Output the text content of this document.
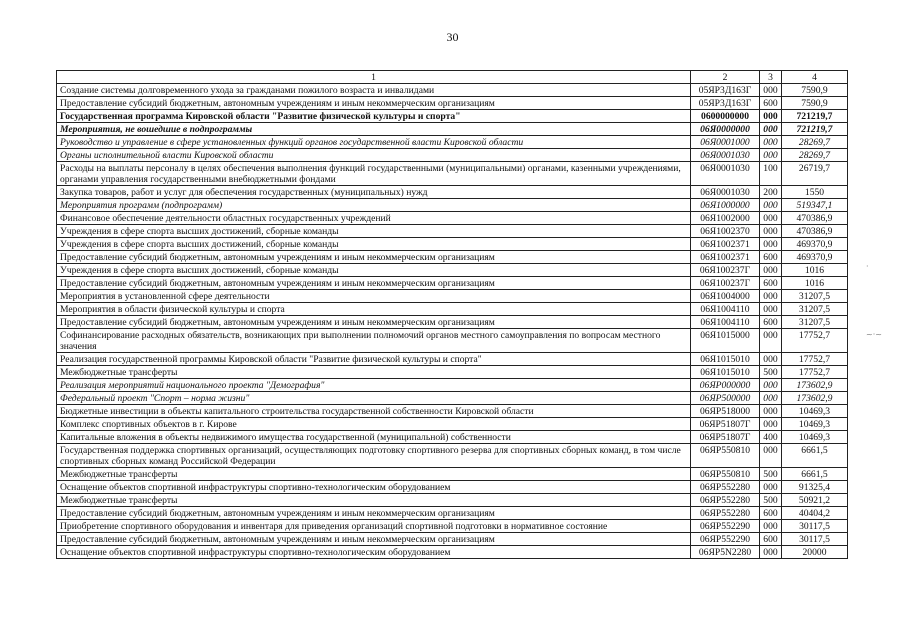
30
1	2	3	4
Создание системы долговременного ухода за гражданами пожилого возраста и инвалидами	05ЯР3Д163Г	000	7590,9
Предоставление субсидий бюджетным, автономным учреждениям и иным некоммерческим организациям	05ЯР3Д163Г	600	7590,9
Государственная программа Кировской области "Развитие физической культуры и спорта"	0600000000	000	721219,7
Мероприятия, не вошедшие в подпрограммы	06Я0000000	000	721219,7
Руководство и управление в сфере установленных функций органов государственной власти Кировской области	06Я0001000	000	28269,7
Органы исполнительной власти Кировской области	06Я0001030	000	28269,7
Расходы на выплаты персоналу в целях обеспечения выполнения функций государственными (муниципальными) органами, казенными учреждениями, органами управления государственными внебюджетными фондами	06Я0001030	100	26719,7
Закупка товаров, работ и услуг для обеспечения государственных (муниципальных) нужд	06Я0001030	200	1550
Мероприятия программ (подпрограмм)	06Я1000000	000	519347,1
Финансовое обеспечение деятельности областных государственных учреждений	06Я1002000	000	470386,9
Учреждения в сфере спорта высших достижений, сборные команды	06Я1002370	000	470386,9
Учреждения в сфере спорта высших достижений, сборные команды	06Я1002371	000	469370,9
Предоставление субсидий бюджетным, автономным учреждениям и иным некоммерческим организациям	06Я1002371	600	469370,9
Учреждения в сфере спорта высших достижений, сборные команды	06Я100237Г	000	1016
Предоставление субсидий бюджетным, автономным учреждениям и иным некоммерческим организациям	06Я100237Г	600	1016
Мероприятия в установленной сфере деятельности	06Я1004000	000	31207,5
Мероприятия в области физической культуры и спорта	06Я1004110	000	31207,5
Предоставление субсидий бюджетным, автономным учреждениям и иным некоммерческим организациям	06Я1004110	600	31207,5
Софинансирование расходных обязательств, возникающих при выполнении полномочий органов местного самоуправления по вопросам местного значения	06Я1015000	000	17752,7
Реализация государственной программы Кировской области "Развитие физической культуры и спорта"	06Я1015010	000	17752,7
Межбюджетные трансферты	06Я1015010	500	17752,7
Реализация мероприятий национального проекта "Демография"	06ЯP000000	000	173602,9
Федеральный проект "Спорт – норма жизни"	06ЯP500000	000	173602,9
Бюджетные инвестиции в объекты капитального строительства государственной собственности Кировской области	06ЯP518000	000	10469,3
Комплекс спортивных объектов в г. Кирове	06ЯP51807Г	000	10469,3
Капитальные вложения в объекты недвижимого имущества государственной (муниципальной) собственности	06ЯP51807Г	400	10469,3
Государственная поддержка спортивных организаций, осуществляющих подготовку спортивного резерва для спортивных сборных команд, в том числе спортивных сборных команд Российской Федерации	06ЯP550810	000	6661,5
Межбюджетные трансферты	06ЯP550810	500	6661,5
Оснащение объектов спортивной инфраструктуры спортивно-технологическим оборудованием	06ЯP552280	000	91325,4
Межбюджетные трансферты	06ЯP552280	500	50921,2
Предоставление субсидий бюджетным, автономным учреждениям и иным некоммерческим организациям	06ЯP552280	600	40404,2
Приобретение спортивного оборудования и инвентаря для приведения организаций спортивной подготовки в нормативное состояние	06ЯP552290	000	30117,5
Предоставление субсидий бюджетным, автономным учреждениям и иным некоммерческим организациям	06ЯP552290	600	30117,5
Оснащение объектов спортивной инфраструктуры спортивно-технологическим оборудованием	06ЯP5N2280	000	20000
·
~·~
